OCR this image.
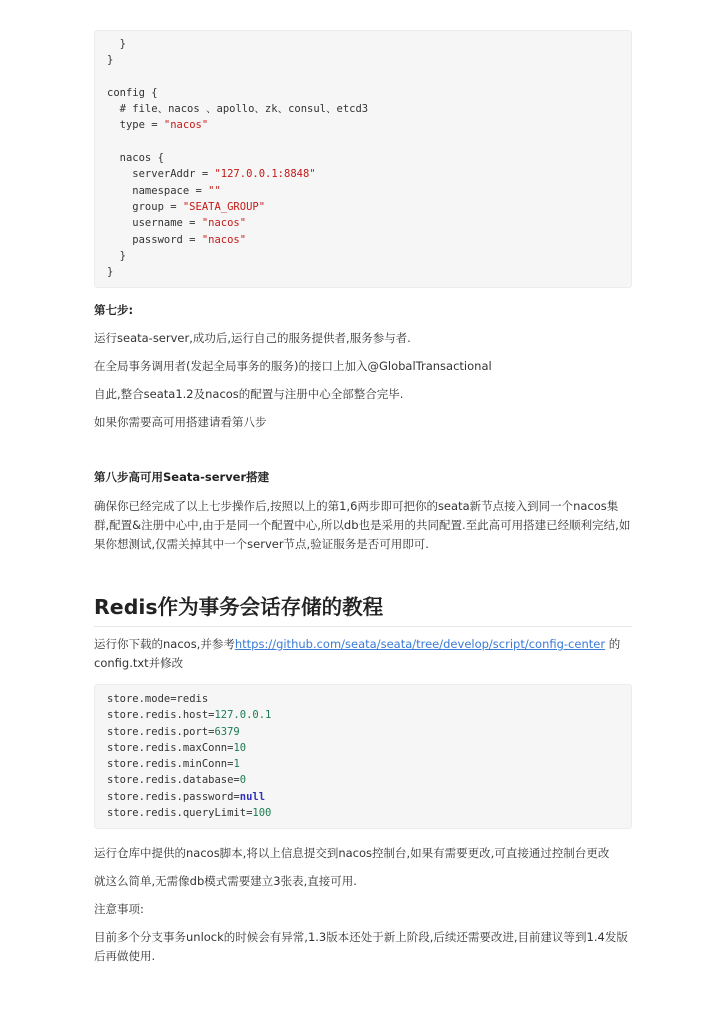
}
}

config {
# file、nacos 、apollo、zk、consul、etcd3
type = "nacos"

nacos {
serverAddr = "127.0.0.1:8848"
namespace = ""
group = "SEATA_GROUP"
username = "nacos"
password = "nacos"
}
}

第七步:

运行seata-server,成功后,运行自己的服务提供者,服务参与者.

在全局事务调用者(发起全局事务的服务)的接口上加入@GlobalTransactional

自此,整合seata1.2及nacos的配置与注册中心全部整合完毕.

如果你需要高可用搭建请看第八步

第八步高可用Seata-server搭建

确保你已经完成了以上七步操作后,按照以上的第1,6两步即可把你的seata新节点接入到同一个nacos集群,配置&注册中心中,由于是同一个配置中心,所以db也是采用的共同配置.至此高可用搭建已经顺利完结,如果你想测试,仅需关掉其中一个server节点,验证服务是否可用即可.

Redis作为事务会话存储的教程

运行你下载的nacos,并参考https://github.com/seata/seata/tree/develop/script/config-center 的config.txt并修改

store.mode=redis
store.redis.host=127.0.0.1
store.redis.port=6379
store.redis.maxConn=10
store.redis.minConn=1
store.redis.database=0
store.redis.password=null
store.redis.queryLimit=100

运行仓库中提供的nacos脚本,将以上信息提交到nacos控制台,如果有需要更改,可直接通过控制台更改

就这么简单,无需像db模式需要建立3张表,直接可用.

注意事项:

目前多个分支事务unlock的时候会有异常,1.3版本还处于新上阶段,后续还需要改进,目前建议等到1.4发版后再做使用.
